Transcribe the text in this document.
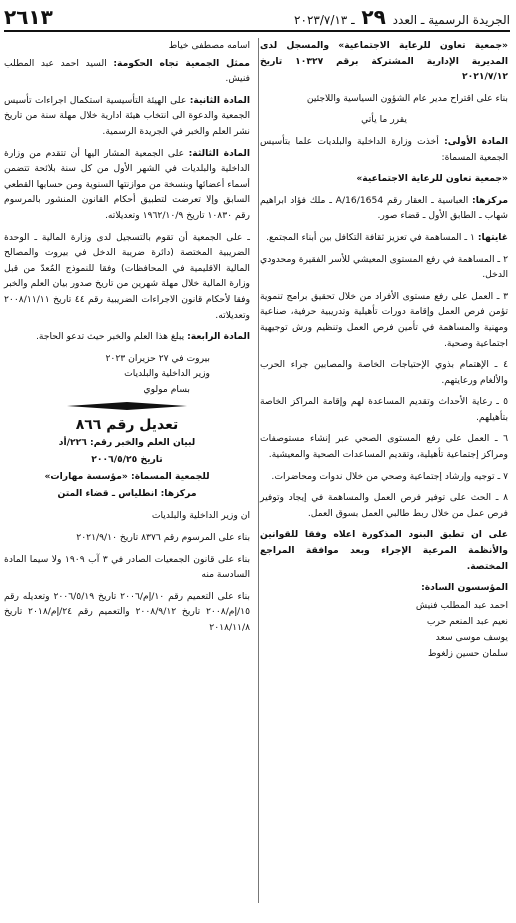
الجريدة الرسمية ـ العدد ٢٩ ـ ٢٠٢٣/٧/١٣
٢٦١٣

«جمعية تعاون للرعاية الاجتماعية» والمسجل لدى المديرية الإدارية المشتركة برقم ١٠٣٢٧ تاريخ ٢٠٢١/٧/١٢

بناء على اقتراح مدير عام الشؤون السياسية واللاجئين

يقرر ما يأتي

المادة الأولى: أخذت وزارة الداخلية والبلديات علما بتأسيس الجمعية المسماة:

«جمعية تعاون للرعاية الاجتماعية»

مركزها: العباسية ـ العقار رقم A/16/1654 ـ ملك فؤاد ابراهيم شهاب ـ الطابق الأول ـ قضاء صور.

غايتها: ١ ـ المساهمة في تعزيز ثقافة التكافل بين أبناء المجتمع.

٢ ـ المساهمة في رفع المستوى المعيشي للأسر الفقيرة ومحدودي الدخل.

٣ ـ العمل على رفع مستوى الأفراد من خلال تحقيق برامج تنموية تؤمن فرص العمل وإقامة دورات تأهيلية وتدريبية حرفية، صناعية ومهنية والمساهمة في تأمين فرص العمل وتنظيم ورش توجيهية اجتماعية وصحية.

٤ ـ الإهتمام بذوي الإحتياجات الخاصة والمصابين جراء الحرب والألغام ورعايتهم.

٥ ـ رعاية الأحداث وتقديم المساعدة لهم وإقامة المراكز الخاصة بتأهيلهم.

٦ ـ العمل على رفع المستوى الصحي عبر إنشاء مستوصفات ومراكز إجتماعية تأهيلية، وتقديم المساعدات الصحية والمعيشية.

٧ ـ توجيه وإرشاد إجتماعية وصحي من خلال ندوات ومحاضرات.

٨ ـ الحث على توفير فرص العمل والمساهمة في إيجاد وتوفير فرص عمل من خلال ربط طالبي العمل بسوق العمل.

على ان تطبق البنود المذكورة اعلاه وفقا للقوانين والأنظمة المرعية الإجراء وبعد موافقة المراجع المختصة.

المؤسسون السادة:

احمد عبد المطلب فنيش
نعيم عبد المنعم حرب
يوسف موسى سعد
سلمان حسين زلغوط

اسامه مصطفى خياط

ممثل الجمعية تجاه الحكومة: السيد احمد عبد المطلب فنيش.

المادة الثانية: على الهيئة التأسيسية استكمال اجراءات تأسيس الجمعية والدعوة الى انتخاب هيئة ادارية خلال مهلة سنة من تاريخ نشر العلم والخبر في الجريدة الرسمية.

المادة الثالثة: على الجمعية المشار اليها أن تتقدم من وزارة الداخلية والبلديات في الشهر الأول من كل سنة بلائحة تتضمن أسماء أعضائها وبنسخة من موازنتها السنوية ومن حسابها القطعي السابق وإلا تعرضت لتطبيق أحكام القانون المنشور بالمرسوم رقم ١٠٨٣٠ تاريخ ١٩٦٢/١٠/٩ وتعديلاته.

ـ على الجمعية أن تقوم بالتسجيل لدى وزارة المالية ـ الوحدة الضريبية المختصة (دائرة ضريبة الدخل في بيروت والمصالح المالية الاقليمية في المحافظات) وفقا للنموذج المُعدّ من قبل وزارة المالية خلال مهلة شهرين من تاريخ صدور بيان العلم والخبر وفقا لأحكام قانون الاجراءات الضريبية رقم ٤٤ تاريخ ٢٠٠٨/١١/١١ وتعديلاته.

المادة الرابعة: يبلغ هذا العلم والخبر حيث تدعو الحاجة.

بيروت في ٢٧ حزيران ٢٠٢٣
وزير الداخلية والبلديات
بسام مولوي
تعديل رقم ٨٦٦
لبيان العلم والخبر رقم: ٢٢٦/أد
تاريخ ٢٠٠٦/٥/٢٥
للجمعية المسماة: «مؤسسة مهارات»
مركزها: انطلياس ـ قضاء المتن

ان وزير الداخلية والبلديات

بناء على المرسوم رقم ٨٣٧٦ تاريخ ٢٠٢١/٩/١٠

بناء على قانون الجمعيات الصادر في ٣ آب ١٩٠٩ ولا سيما المادة السادسة منه

بناء على التعميم رقم ١٠/إم/٢٠٠٦ تاريخ ٢٠٠٦/٥/١٩ وتعديله رقم ١٥/إم/٢٠٠٨ تاريخ ٢٠٠٨/٩/١٢ والتعميم رقم ٢٤/إم/٢٠١٨ تاريخ ٢٠١٨/١١/٨
